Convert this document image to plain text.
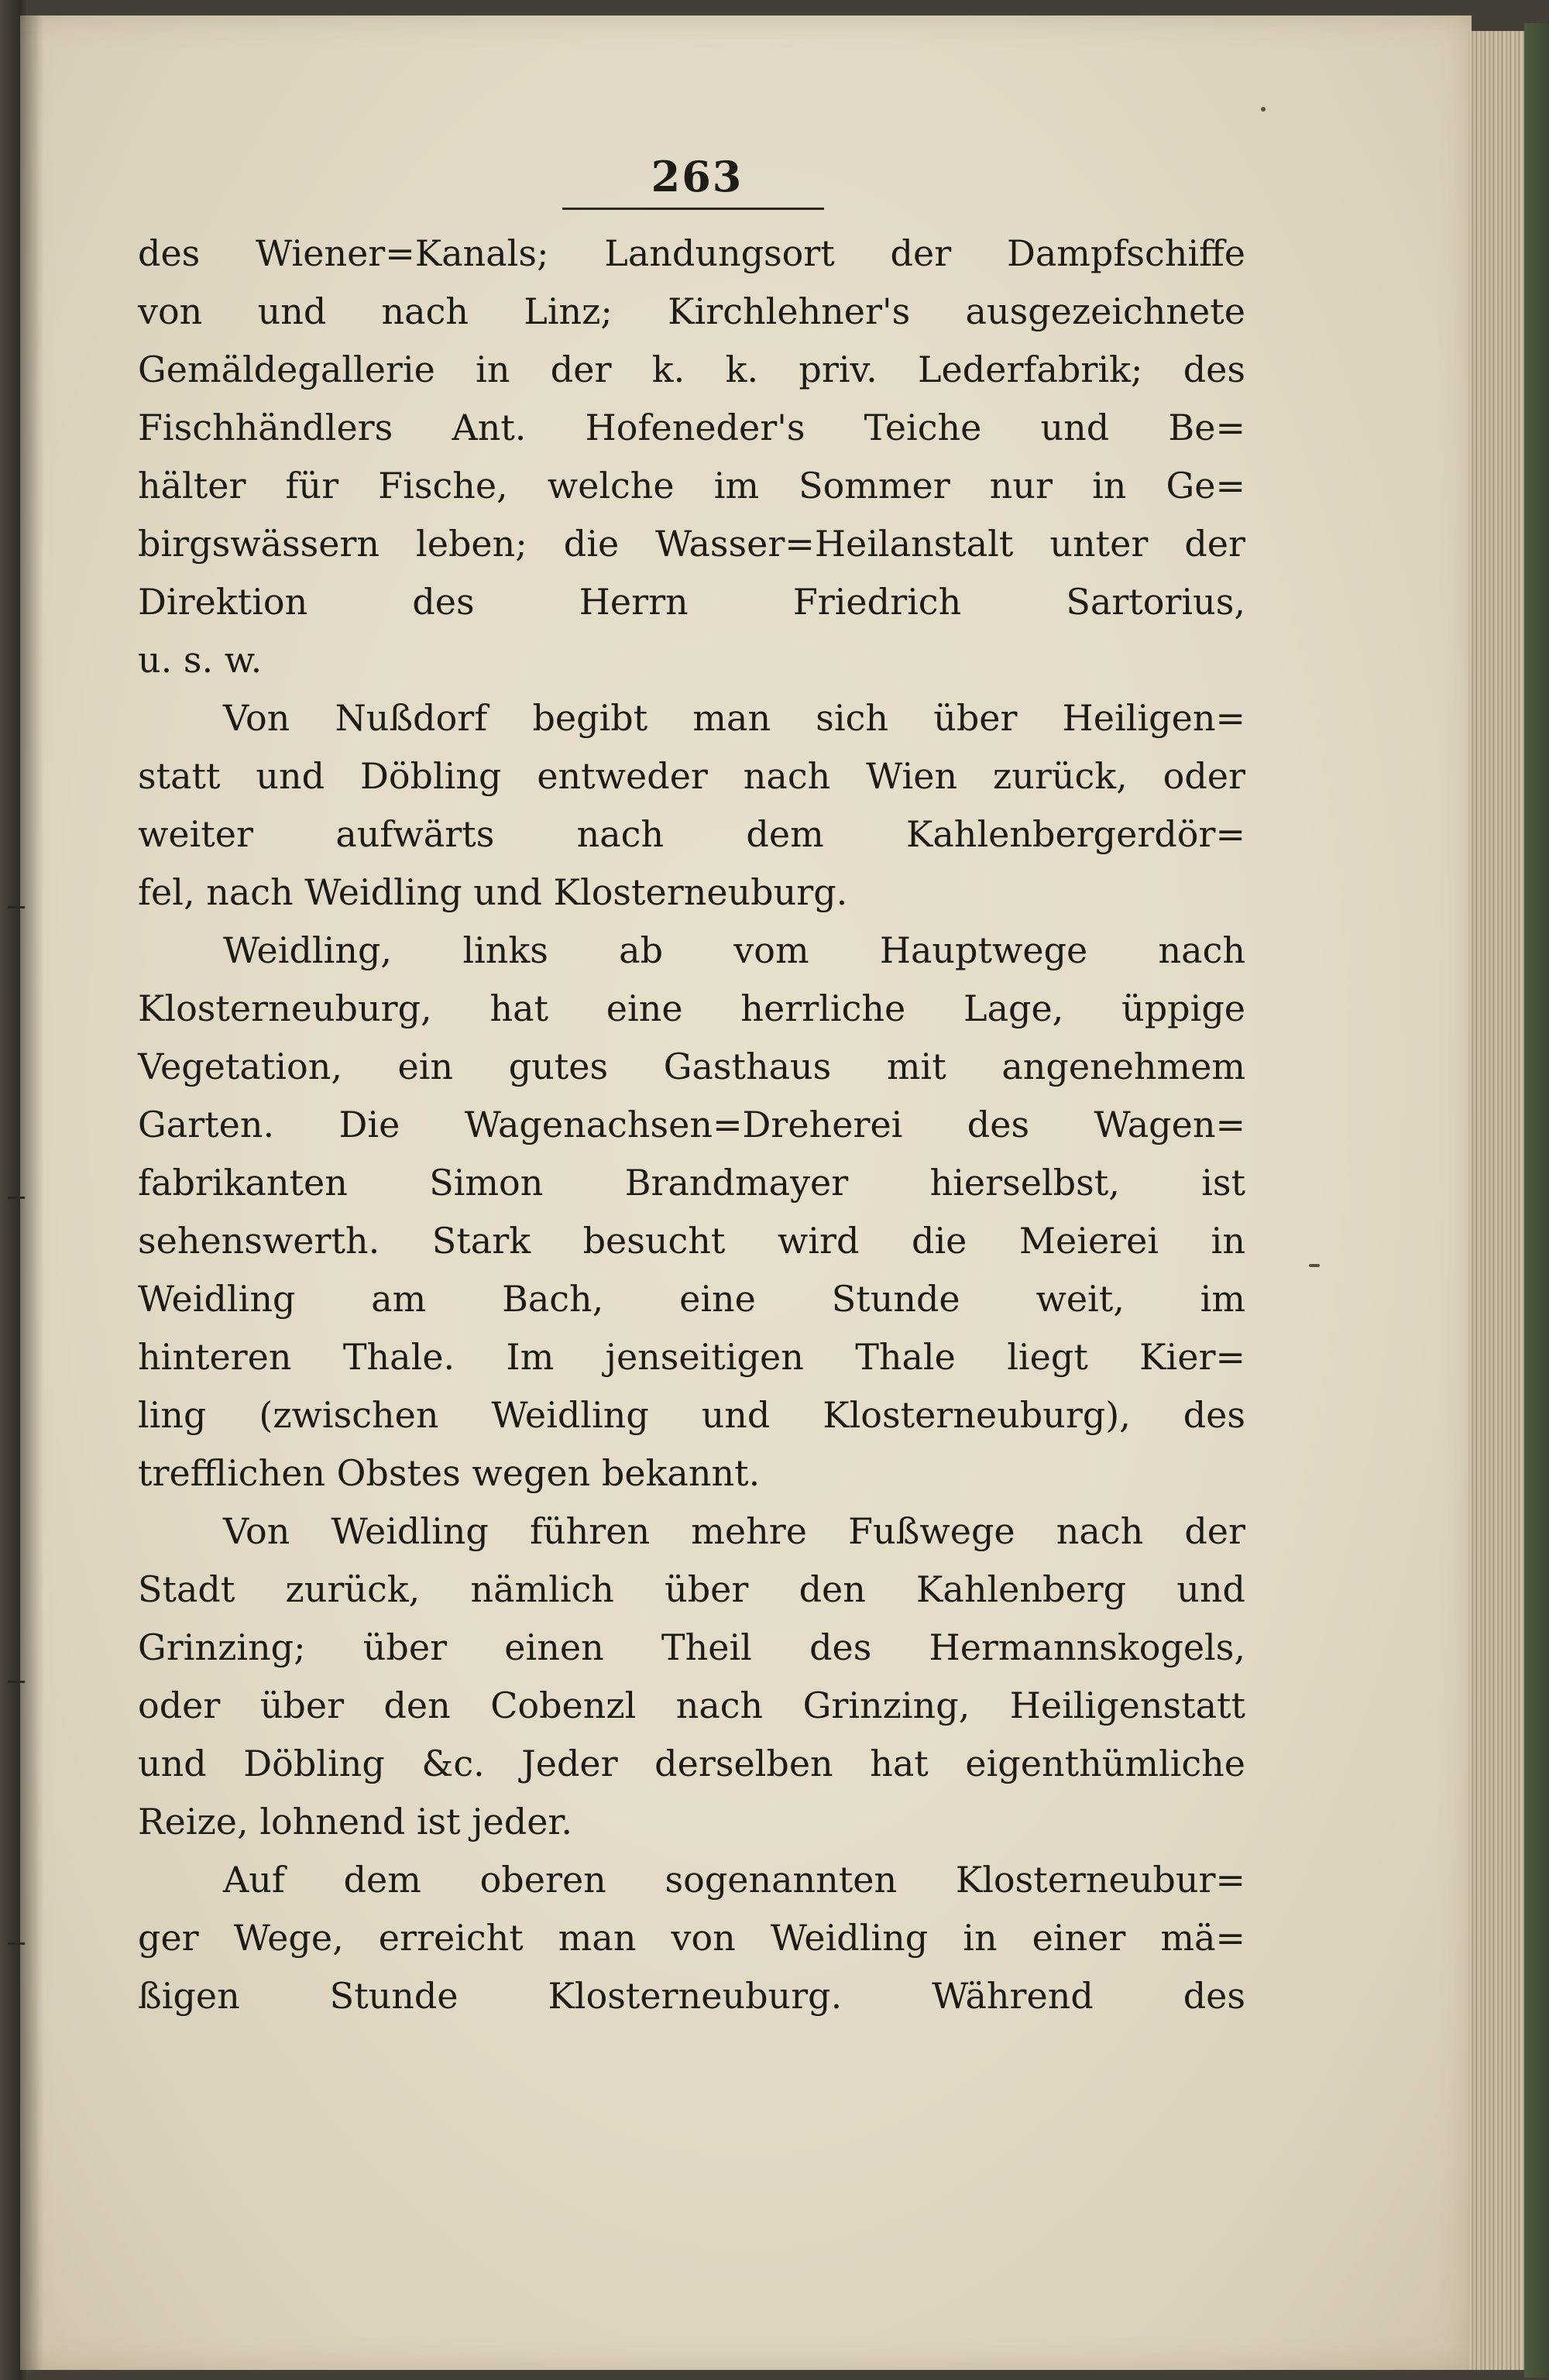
263
des Wiener=Kanals; Landungsort der Dampfschiffe
von und nach Linz; Kirchlehner's ausgezeichnete
Gemäldegallerie in der k. k. priv. Lederfabrik; des
Fischhändlers Ant. Hofeneder's Teiche und Be=
hälter für Fische, welche im Sommer nur in Ge=
birgswässern leben; die Wasser=Heilanstalt unter der
Direktion des Herrn Friedrich Sartorius,
u. s. w.
Von Nußdorf begibt man sich über Heiligen=
statt und Döbling entweder nach Wien zurück, oder
weiter aufwärts nach dem Kahlenbergerdör=
fel, nach Weidling und Klosterneuburg.
Weidling, links ab vom Hauptwege nach
Klosterneuburg, hat eine herrliche Lage, üppige
Vegetation, ein gutes Gasthaus mit angenehmem
Garten. Die Wagenachsen=Dreherei des Wagen=
fabrikanten Simon Brandmayer hierselbst, ist
sehenswerth. Stark besucht wird die Meierei in
Weidling am Bach, eine Stunde weit, im
hinteren Thale. Im jenseitigen Thale liegt Kier=
ling (zwischen Weidling und Klosterneuburg), des
trefflichen Obstes wegen bekannt.
Von Weidling führen mehre Fußwege nach der
Stadt zurück, nämlich über den Kahlenberg und
Grinzing; über einen Theil des Hermannskogels,
oder über den Cobenzl nach Grinzing, Heiligenstatt
und Döbling &c. Jeder derselben hat eigenthümliche
Reize, lohnend ist jeder.
Auf dem oberen sogenannten Klosterneubur=
ger Wege, erreicht man von Weidling in einer mä=
ßigen Stunde Klosterneuburg. Während des
